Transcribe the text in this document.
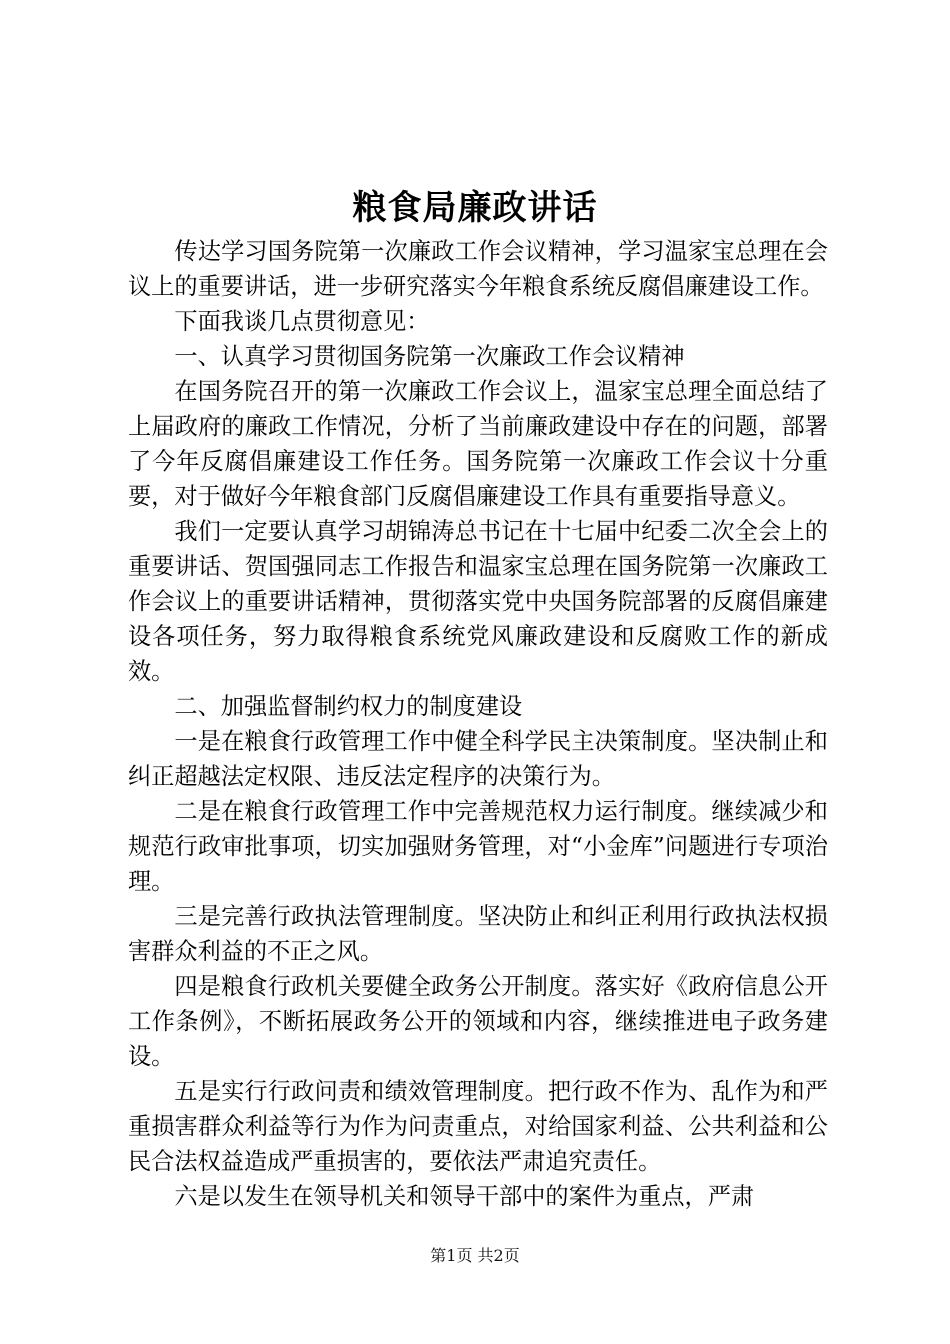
粮食局廉政讲话

传达学习国务院第一次廉政工作会议精神，学习温家宝总理在会议上的重要讲话，进一步研究落实今年粮食系统反腐倡廉建设工作。

下面我谈几点贯彻意见：

一、认真学习贯彻国务院第一次廉政工作会议精神

在国务院召开的第一次廉政工作会议上，温家宝总理全面总结了上届政府的廉政工作情况，分析了当前廉政建设中存在的问题，部署了今年反腐倡廉建设工作任务。国务院第一次廉政工作会议十分重要，对于做好今年粮食部门反腐倡廉建设工作具有重要指导意义。

我们一定要认真学习胡锦涛总书记在十七届中纪委二次全会上的重要讲话、贺国强同志工作报告和温家宝总理在国务院第一次廉政工作会议上的重要讲话精神，贯彻落实党中央国务院部署的反腐倡廉建设各项任务，努力取得粮食系统党风廉政建设和反腐败工作的新成效。

二、加强监督制约权力的制度建设

一是在粮食行政管理工作中健全科学民主决策制度。坚决制止和纠正超越法定权限、违反法定程序的决策行为。

二是在粮食行政管理工作中完善规范权力运行制度。继续减少和规范行政审批事项，切实加强财务管理，对“小金库”问题进行专项治理。

三是完善行政执法管理制度。坚决防止和纠正利用行政执法权损害群众利益的不正之风。

四是粮食行政机关要健全政务公开制度。落实好《政府信息公开工作条例》，不断拓展政务公开的领域和内容，继续推进电子政务建设。

五是实行行政问责和绩效管理制度。把行政不作为、乱作为和严重损害群众利益等行为作为问责重点，对给国家利益、公共利益和公民合法权益造成严重损害的，要依法严肃追究责任。

六是以发生在领导机关和领导干部中的案件为重点，严肃

第1页 共2页
